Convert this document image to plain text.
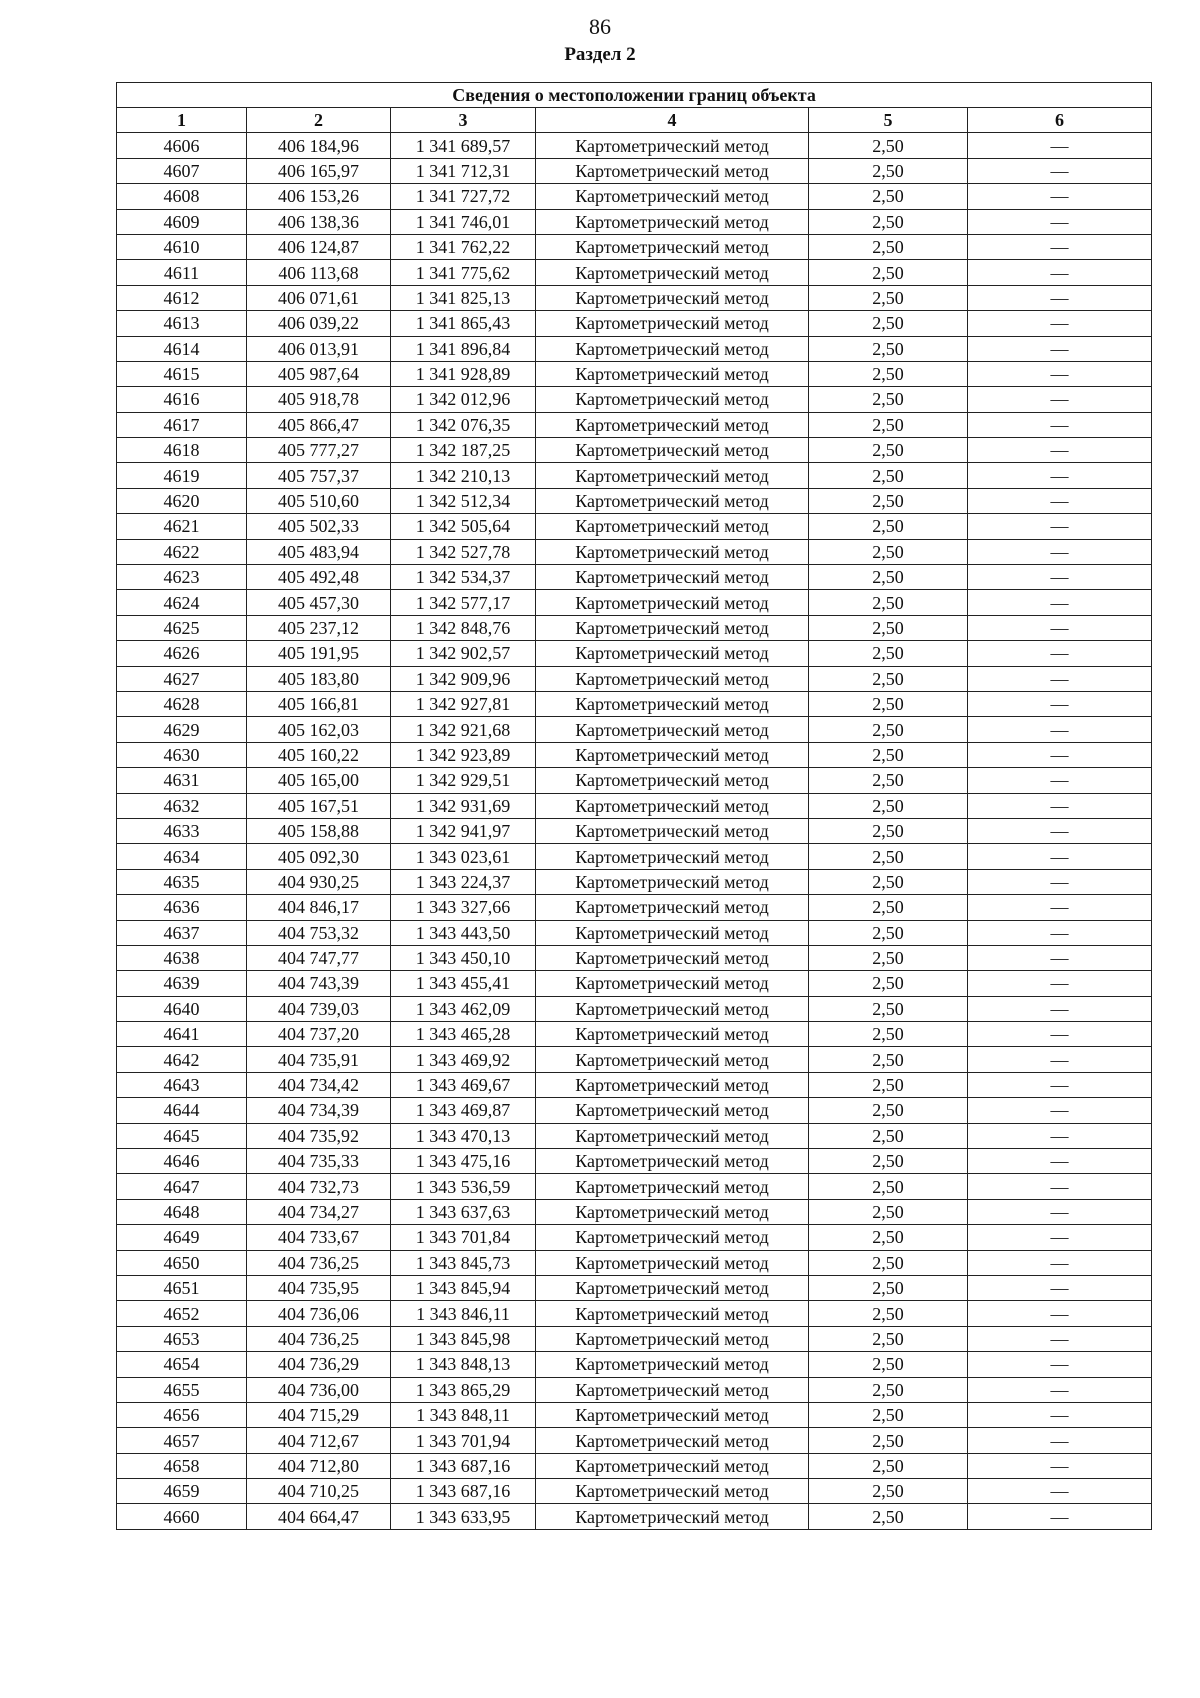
86
Раздел 2
Сведения о местоположении границ объекта					
1	2	3	4	5	6
4606	406 184,96	1 341 689,57	Картометрический метод	2,50	—
4607	406 165,97	1 341 712,31	Картометрический метод	2,50	—
4608	406 153,26	1 341 727,72	Картометрический метод	2,50	—
4609	406 138,36	1 341 746,01	Картометрический метод	2,50	—
4610	406 124,87	1 341 762,22	Картометрический метод	2,50	—
4611	406 113,68	1 341 775,62	Картометрический метод	2,50	—
4612	406 071,61	1 341 825,13	Картометрический метод	2,50	—
4613	406 039,22	1 341 865,43	Картометрический метод	2,50	—
4614	406 013,91	1 341 896,84	Картометрический метод	2,50	—
4615	405 987,64	1 341 928,89	Картометрический метод	2,50	—
4616	405 918,78	1 342 012,96	Картометрический метод	2,50	—
4617	405 866,47	1 342 076,35	Картометрический метод	2,50	—
4618	405 777,27	1 342 187,25	Картометрический метод	2,50	—
4619	405 757,37	1 342 210,13	Картометрический метод	2,50	—
4620	405 510,60	1 342 512,34	Картометрический метод	2,50	—
4621	405 502,33	1 342 505,64	Картометрический метод	2,50	—
4622	405 483,94	1 342 527,78	Картометрический метод	2,50	—
4623	405 492,48	1 342 534,37	Картометрический метод	2,50	—
4624	405 457,30	1 342 577,17	Картометрический метод	2,50	—
4625	405 237,12	1 342 848,76	Картометрический метод	2,50	—
4626	405 191,95	1 342 902,57	Картометрический метод	2,50	—
4627	405 183,80	1 342 909,96	Картометрический метод	2,50	—
4628	405 166,81	1 342 927,81	Картометрический метод	2,50	—
4629	405 162,03	1 342 921,68	Картометрический метод	2,50	—
4630	405 160,22	1 342 923,89	Картометрический метод	2,50	—
4631	405 165,00	1 342 929,51	Картометрический метод	2,50	—
4632	405 167,51	1 342 931,69	Картометрический метод	2,50	—
4633	405 158,88	1 342 941,97	Картометрический метод	2,50	—
4634	405 092,30	1 343 023,61	Картометрический метод	2,50	—
4635	404 930,25	1 343 224,37	Картометрический метод	2,50	—
4636	404 846,17	1 343 327,66	Картометрический метод	2,50	—
4637	404 753,32	1 343 443,50	Картометрический метод	2,50	—
4638	404 747,77	1 343 450,10	Картометрический метод	2,50	—
4639	404 743,39	1 343 455,41	Картометрический метод	2,50	—
4640	404 739,03	1 343 462,09	Картометрический метод	2,50	—
4641	404 737,20	1 343 465,28	Картометрический метод	2,50	—
4642	404 735,91	1 343 469,92	Картометрический метод	2,50	—
4643	404 734,42	1 343 469,67	Картометрический метод	2,50	—
4644	404 734,39	1 343 469,87	Картометрический метод	2,50	—
4645	404 735,92	1 343 470,13	Картометрический метод	2,50	—
4646	404 735,33	1 343 475,16	Картометрический метод	2,50	—
4647	404 732,73	1 343 536,59	Картометрический метод	2,50	—
4648	404 734,27	1 343 637,63	Картометрический метод	2,50	—
4649	404 733,67	1 343 701,84	Картометрический метод	2,50	—
4650	404 736,25	1 343 845,73	Картометрический метод	2,50	—
4651	404 735,95	1 343 845,94	Картометрический метод	2,50	—
4652	404 736,06	1 343 846,11	Картометрический метод	2,50	—
4653	404 736,25	1 343 845,98	Картометрический метод	2,50	—
4654	404 736,29	1 343 848,13	Картометрический метод	2,50	—
4655	404 736,00	1 343 865,29	Картометрический метод	2,50	—
4656	404 715,29	1 343 848,11	Картометрический метод	2,50	—
4657	404 712,67	1 343 701,94	Картометрический метод	2,50	—
4658	404 712,80	1 343 687,16	Картометрический метод	2,50	—
4659	404 710,25	1 343 687,16	Картометрический метод	2,50	—
4660	404 664,47	1 343 633,95	Картометрический метод	2,50	—
